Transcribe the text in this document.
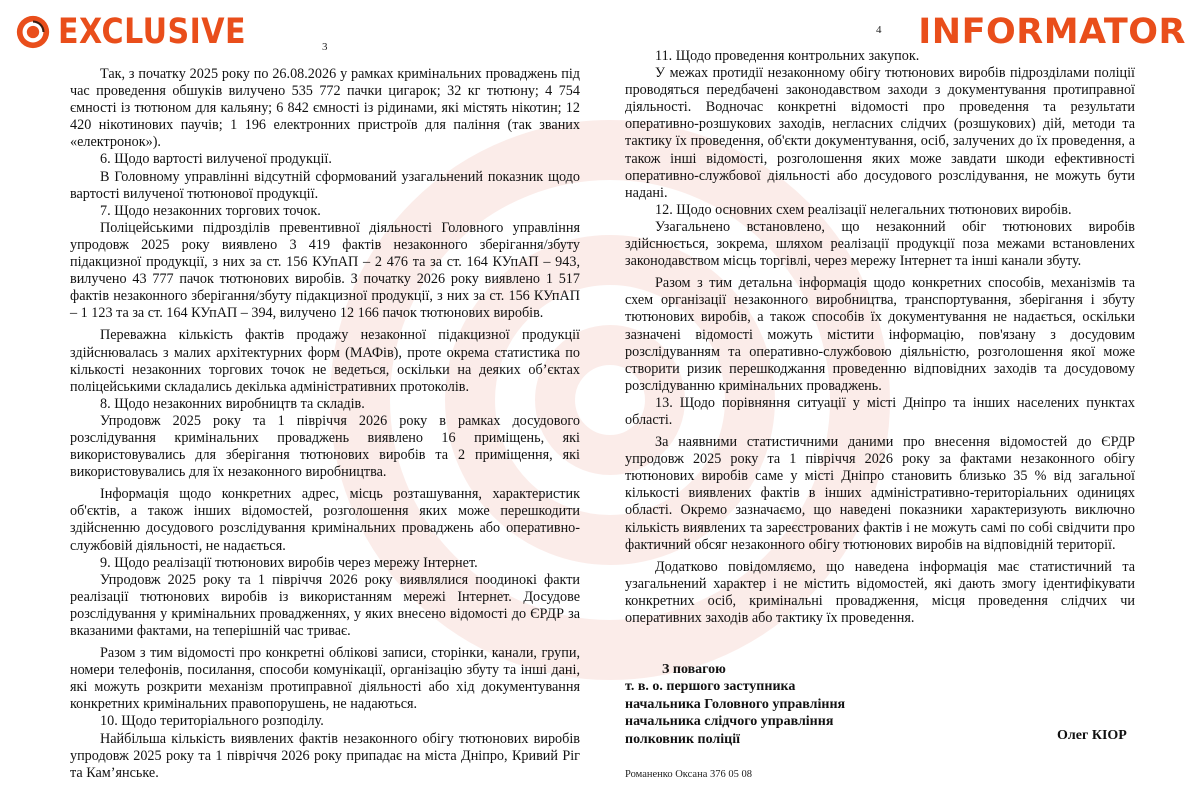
EXCLUSIVE	INFORMATOR
3
4

Так, з початку 2025 року по 26.08.2026 у рамках кримінальних проваджень під час проведення обшуків вилучено 535 772 пачки цигарок; 32 кг тютюну; 4 754 ємності із тютюном для кальяну; 6 842 ємності із рідинами, які містять нікотин; 12 420 нікотинових паучів; 1 196 електронних пристроїв для паління (так званих «електронок»).

6. Щодо вартості вилученої продукції.

В Головному управлінні відсутній сформований узагальнений показник щодо вартості вилученої тютюнової продукції.

7. Щодо незаконних торгових точок.

Поліцейськими підрозділів превентивної діяльності Головного управління упродовж 2025 року виявлено 3 419 фактів незаконного зберігання/збуту підакцизної продукції, з них за ст. 156 КУпАП – 2 476 та за ст. 164 КУпАП – 943, вилучено 43 777 пачок тютюнових виробів. З початку 2026 року виявлено 1 517 фактів незаконного зберігання/збуту підакцизної продукції, з них за ст. 156 КУпАП – 1 123 та за ст. 164 КУпАП – 394, вилучено 12 166 пачок тютюнових виробів.

Переважна кількість фактів продажу незаконної підакцизної продукції здійснювалась з малих архітектурних форм (МАФів), проте окрема статистика по кількості незаконних торгових точок не ведеться, оскільки на деяких об’єктах поліцейськими складались декілька адміністративних протоколів.

8. Щодо незаконних виробництв та складів.

Упродовж 2025 року та 1 півріччя 2026 року в рамках досудового розслідування кримінальних проваджень виявлено 16 приміщень, які використовувались для зберігання тютюнових виробів та 2 приміщення, які використовувались для їх незаконного виробництва.

Інформація щодо конкретних адрес, місць розташування, характеристик об'єктів, а також інших відомостей, розголошення яких може перешкодити здійсненню досудового розслідування кримінальних проваджень або оперативно-службовій діяльності, не надається.

9. Щодо реалізації тютюнових виробів через мережу Інтернет.

Упродовж 2025 року та 1 півріччя 2026 року виявлялися поодинокі факти реалізації тютюнових виробів із використанням мережі Інтернет. Досудове розслідування у кримінальних провадженнях, у яких внесено відомості до ЄРДР за вказаними фактами, на теперішній час триває.

Разом з тим відомості про конкретні облікові записи, сторінки, канали, групи, номери телефонів, посилання, способи комунікації, організацію збуту та інші дані, які можуть розкрити механізм протиправної діяльності або хід документування конкретних кримінальних правопорушень, не надаються.

10. Щодо територіального розподілу.

Найбільша кількість виявлених фактів незаконного обігу тютюнових виробів упродовж 2025 року та 1 півріччя 2026 року припадає на міста Дніпро, Кривий Ріг та Кам’янське.

11. Щодо проведення контрольних закупок.

У межах протидії незаконному обігу тютюнових виробів підрозділами поліції проводяться передбачені законодавством заходи з документування протиправної діяльності. Водночас конкретні відомості про проведення та результати оперативно-розшукових заходів, негласних слідчих (розшукових) дій, методи та тактику їх проведення, об'єкти документування, осіб, залучених до їх проведення, а також інші відомості, розголошення яких може завдати шкоди ефективності оперативно-службової діяльності або досудового розслідування, не можуть бути надані.

12. Щодо основних схем реалізації нелегальних тютюнових виробів.

Узагальнено встановлено, що незаконний обіг тютюнових виробів здійснюється, зокрема, шляхом реалізації продукції поза межами встановлених законодавством місць торгівлі, через мережу Інтернет та інші канали збуту.

Разом з тим детальна інформація щодо конкретних способів, механізмів та схем організації незаконного виробництва, транспортування, зберігання і збуту тютюнових виробів, а також способів їх документування не надається, оскільки зазначені відомості можуть містити інформацію, пов'язану з досудовим розслідуванням та оперативно-службовою діяльністю, розголошення якої може створити ризик перешкоджання проведенню відповідних заходів та досудовому розслідуванню кримінальних проваджень.

13. Щодо порівняння ситуації у місті Дніпро та інших населених пунктах області.

За наявними статистичними даними про внесення відомостей до ЄРДР упродовж 2025 року та 1 півріччя 2026 року за фактами незаконного обігу тютюнових виробів саме у місті Дніпро становить близько 35 % від загальної кількості виявлених фактів в інших адміністративно-територіальних одиницях області. Окремо зазначаємо, що наведені показники характеризують виключно кількість виявлених та зареєстрованих фактів і не можуть самі по собі свідчити про фактичний обсяг незаконного обігу тютюнових виробів на відповідній території.

Додатково повідомляємо, що наведена інформація має статистичний та узагальнений характер і не містить відомостей, які дають змогу ідентифікувати конкретних осіб, кримінальні провадження, місця проведення слідчих чи оперативних заходів або тактику їх проведення.

З повагою
т. в. о. першого заступника
начальника Головного управління
начальника слідчого управління
полковник поліції	Олег КІОР
Романенко Оксана 376 05 08
